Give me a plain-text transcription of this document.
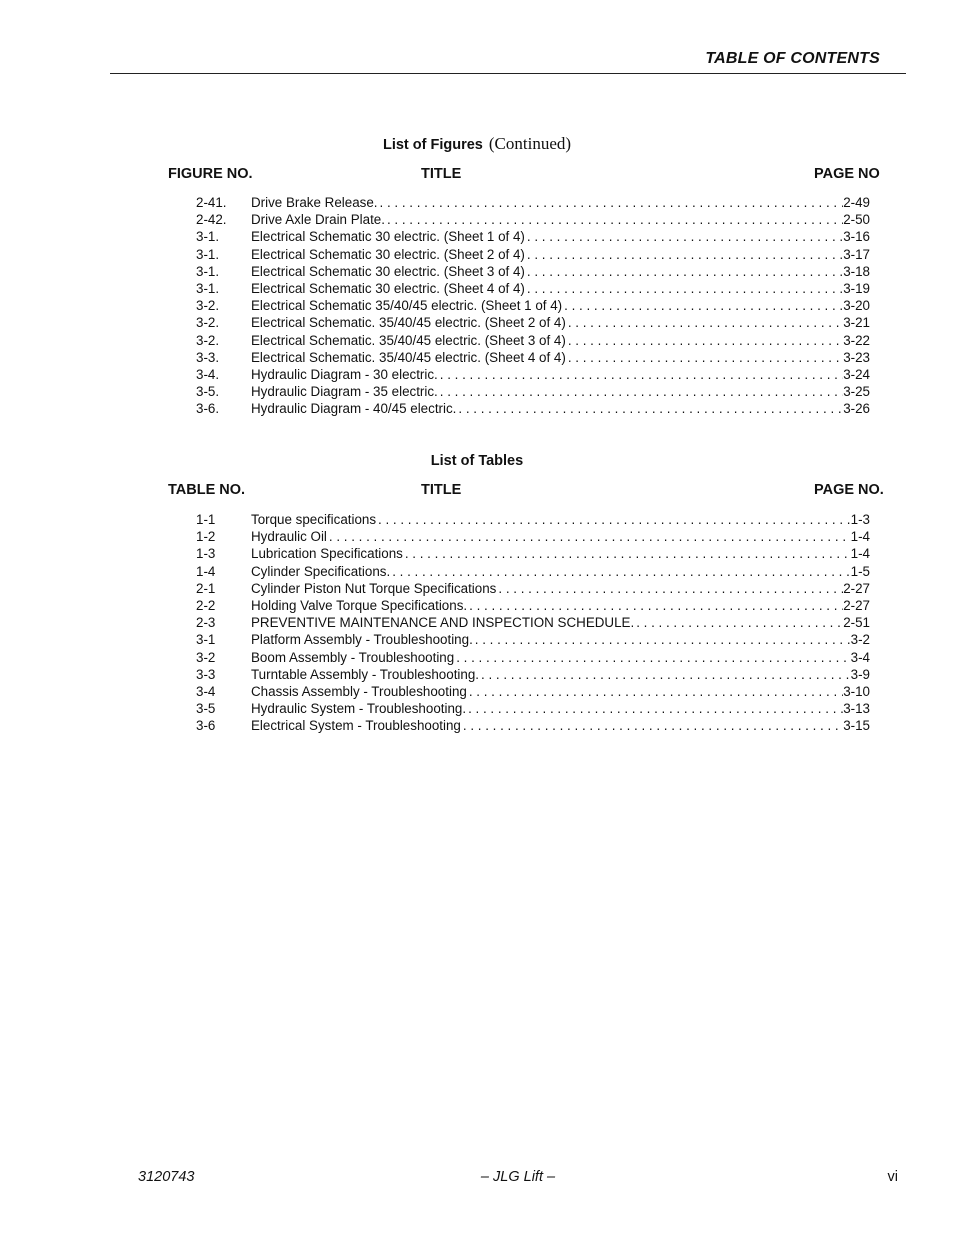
TABLE OF CONTENTS
List of Figures (Continued)
FIGURE NO.	TITLE	PAGE NO
2-41. Drive Brake Release. . . .	2-49
2-42. Drive Axle Drain Plate. . . .	2-50
3-1. Electrical Schematic 30 electric. (Sheet 1 of 4) . . .	3-16
3-1. Electrical Schematic 30 electric. (Sheet 2 of 4) . . .	3-17
3-1. Electrical Schematic 30 electric. (Sheet 3 of 4) . . .	3-18
3-1. Electrical Schematic 30 electric. (Sheet 4 of 4) . . .	3-19
3-2. Electrical Schematic 35/40/45 electric. (Sheet 1 of 4) . . .	3-20
3-2. Electrical Schematic. 35/40/45 electric. (Sheet 2 of 4) . . .	3-21
3-2. Electrical Schematic. 35/40/45 electric. (Sheet 3 of 4) . . .	3-22
3-3. Electrical Schematic. 35/40/45 electric. (Sheet 4 of 4) . . .	3-23
3-4. Hydraulic Diagram - 30 electric. . . .	3-24
3-5. Hydraulic Diagram - 35 electric. . . .	3-25
3-6. Hydraulic Diagram - 40/45 electric. . . .	3-26
List of Tables
TABLE NO.	TITLE	PAGE NO.
1-1	Torque specifications . . .	1-3
1-2	Hydraulic Oil . . .	1-4
1-3	Lubrication Specifications . . .	1-4
1-4	Cylinder Specifications. . . .	1-5
2-1	Cylinder Piston Nut Torque Specifications . . .	2-27
2-2	Holding Valve Torque Specifications. . . .	2-27
2-3	PREVENTIVE MAINTENANCE AND INSPECTION SCHEDULE. . . .	2-51
3-1	Platform Assembly - Troubleshooting. . . .	3-2
3-2	Boom Assembly - Troubleshooting . . .	3-4
3-3	Turntable Assembly - Troubleshooting. . . .	3-9
3-4	Chassis Assembly - Troubleshooting . . .	3-10
3-5	Hydraulic System - Troubleshooting. . . .	3-13
3-6	Electrical System - Troubleshooting . . .	3-15
3120743	– JLG Lift –	vi
